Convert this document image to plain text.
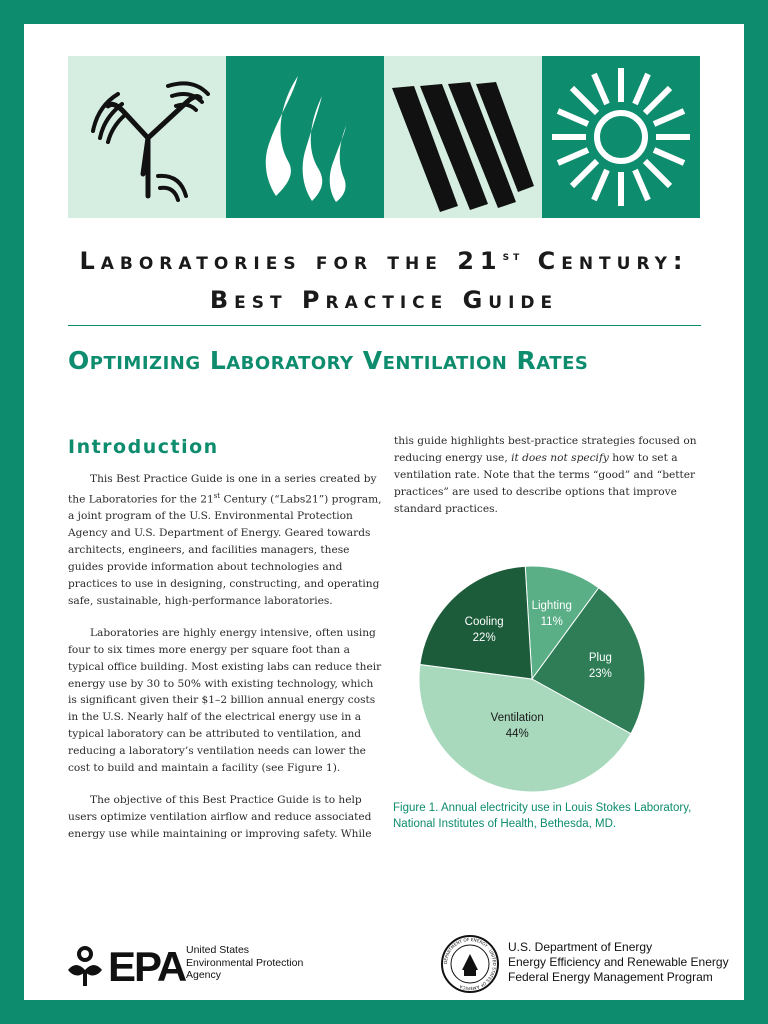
Laboratories for the 21st Century:
Best Practice Guide
Optimizing Laboratory Ventilation Rates
Introduction

This Best Practice Guide is one in a series created by the Laboratories for the 21st Century (“Labs21”) program, a joint program of the U.S. Environmental Protection Agency and U.S. Department of Energy. Geared towards architects, engineers, and facilities managers, these guides provide information about technologies and practices to use in designing, constructing, and operating safe, sustainable, high-performance laboratories.

Laboratories are highly energy intensive, often using four to six times more energy per square foot than a typical office building. Most existing labs can reduce their energy use by 30 to 50% with existing technology, which is significant given their $1–2 billion annual energy costs in the U.S. Nearly half of the electrical energy use in a typical laboratory can be attributed to ventilation, and reducing a laboratory’s ventilation needs can lower the cost to build and maintain a facility (see Figure 1).

The objective of this Best Practice Guide is to help users optimize ventilation airflow and reduce associated energy use while maintaining or improving safety. While

this guide highlights best-practice strategies focused on reducing energy use, it does not specify how to set a ventilation rate. Note that the terms “good” and “better practices” are used to describe options that improve standard practices.

Lighting
11%
Plug
23%
Ventilation
44%
Cooling
22%
Figure 1. Annual electricity use in Louis Stokes Laboratory, National Institutes of Health, Bethesda, MD.
EPA United States
Environmental Protection
Agency
DEPARTMENT OF ENERGY · UNITED STATES OF AMERICA
U.S. Department of Energy
Energy Efficiency and Renewable Energy
Federal Energy Management Program
